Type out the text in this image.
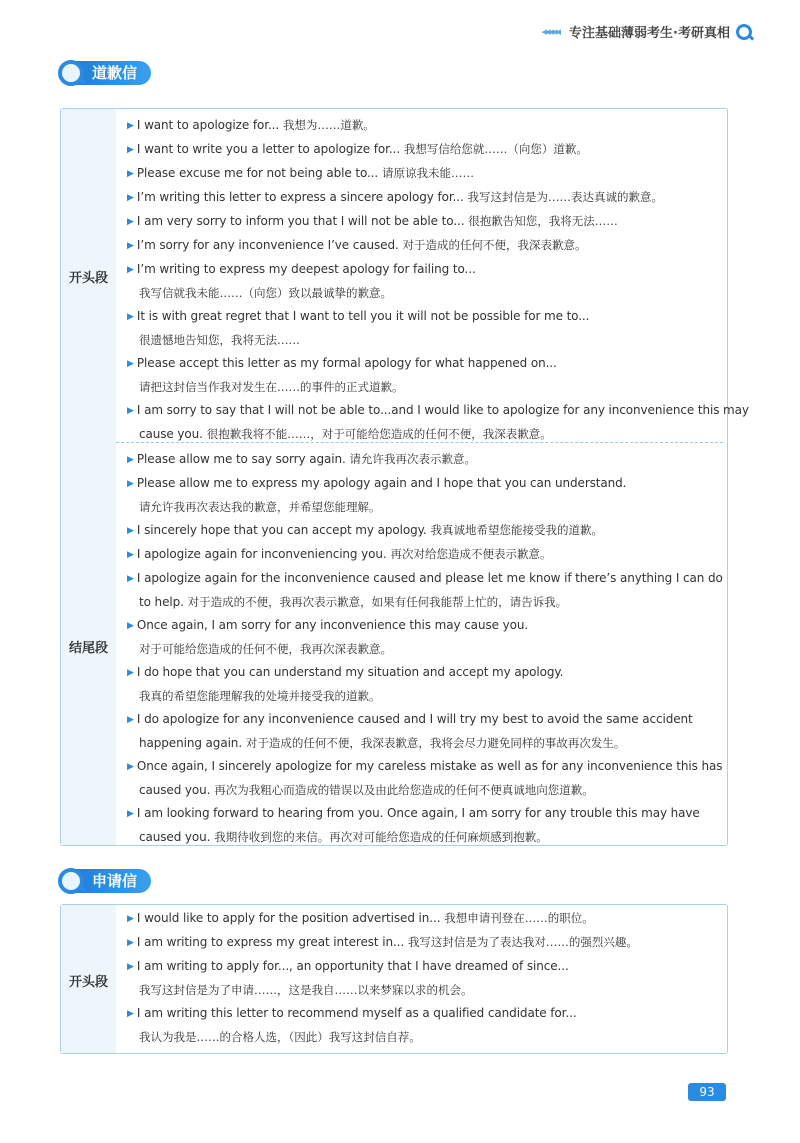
◂◂◂◂◂ 专注基础薄弱考生·考研真相
道歉信
开头段
结尾段
▶ I want to apologize for... 我想为……道歉。
▶ I want to write you a letter to apologize for... 我想写信给您就……（向您）道歉。
▶ Please excuse me for not being able to... 请原谅我未能……
▶ I’m writing this letter to express a sincere apology for... 我写这封信是为……表达真诚的歉意。
▶ I am very sorry to inform you that I will not be able to... 很抱歉告知您，我将无法……
▶ I’m sorry for any inconvenience I’ve caused. 对于造成的任何不便，我深表歉意。
▶ I’m writing to express my deepest apology for failing to...
我写信就我未能……（向您）致以最诚挚的歉意。
▶ It is with great regret that I want to tell you it will not be possible for me to...
很遗憾地告知您，我将无法……
▶ Please accept this letter as my formal apology for what happened on...
请把这封信当作我对发生在……的事件的正式道歉。
▶ I am sorry to say that I will not be able to...and I would like to apologize for any inconvenience this may
cause you. 很抱歉我将不能……，对于可能给您造成的任何不便，我深表歉意。
▶ Please allow me to say sorry again. 请允许我再次表示歉意。
▶ Please allow me to express my apology again and I hope that you can understand.
请允许我再次表达我的歉意，并希望您能理解。
▶ I sincerely hope that you can accept my apology. 我真诚地希望您能接受我的道歉。
▶ I apologize again for inconveniencing you. 再次对给您造成不便表示歉意。
▶ I apologize again for the inconvenience caused and please let me know if there’s anything I can do
to help. 对于造成的不便，我再次表示歉意，如果有任何我能帮上忙的，请告诉我。
▶ Once again, I am sorry for any inconvenience this may cause you.
对于可能给您造成的任何不便，我再次深表歉意。
▶ I do hope that you can understand my situation and accept my apology.
我真的希望您能理解我的处境并接受我的道歉。
▶ I do apologize for any inconvenience caused and I will try my best to avoid the same accident
happening again. 对于造成的任何不便，我深表歉意，我将会尽力避免同样的事故再次发生。
▶ Once again, I sincerely apologize for my careless mistake as well as for any inconvenience this has
caused you. 再次为我粗心而造成的错误以及由此给您造成的任何不便真诚地向您道歉。
▶ I am looking forward to hearing from you. Once again, I am sorry for any trouble this may have
caused you. 我期待收到您的来信。再次对可能给您造成的任何麻烦感到抱歉。
申请信
开头段
▶ I would like to apply for the position advertised in... 我想申请刊登在……的职位。
▶ I am writing to express my great interest in... 我写这封信是为了表达我对……的强烈兴趣。
▶ I am writing to apply for..., an opportunity that I have dreamed of since...
我写这封信是为了申请……，这是我自……以来梦寐以求的机会。
▶ I am writing this letter to recommend myself as a qualified candidate for...
我认为我是……的合格人选，（因此）我写这封信自荐。
93
